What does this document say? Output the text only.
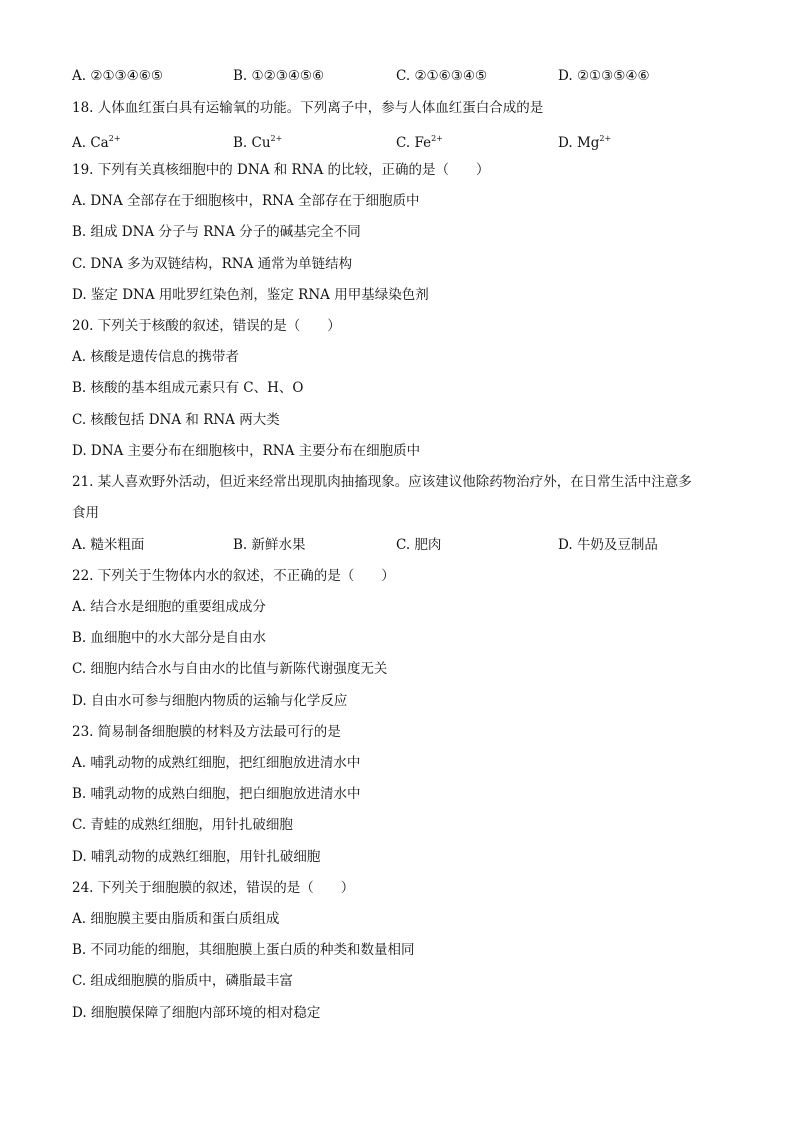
A. ②①③④⑥⑤	B. ①②③④⑤⑥	C. ②①⑥③④⑤	D. ②①③⑤④⑥
18. 人体血红蛋白具有运输氧的功能。下列离子中，参与人体血红蛋白合成的是
A. $Ca^{2+}$	B. $Cu^{2+}$	C. $Fe^{2+}$	D. $Mg^{2+}$
19. 下列有关真核细胞中的 DNA 和 RNA 的比较，正确的是（　　）
A. DNA 全部存在于细胞核中，RNA 全部存在于细胞质中
B. 组成 DNA 分子与 RNA 分子的碱基完全不同
C. DNA 多为双链结构，RNA 通常为单链结构
D. 鉴定 DNA 用吡罗红染色剂，鉴定 RNA 用甲基绿染色剂
20. 下列关于核酸的叙述，错误的是（　　）
A. 核酸是遗传信息的携带者
B. 核酸的基本组成元素只有 C、H、O
C. 核酸包括 DNA 和 RNA 两大类
D. DNA 主要分布在细胞核中，RNA 主要分布在细胞质中
21. 某人喜欢野外活动，但近来经常出现肌肉抽搐现象。应该建议他除药物治疗外，在日常生活中注意多
食用
A. 糙米粗面	B. 新鲜水果	C. 肥肉	D. 牛奶及豆制品
22. 下列关于生物体内水的叙述，不正确的是（　　）
A. 结合水是细胞的重要组成成分
B. 血细胞中的水大部分是自由水
C. 细胞内结合水与自由水的比值与新陈代谢强度无关
D. 自由水可参与细胞内物质的运输与化学反应
23. 简易制备细胞膜的材料及方法最可行的是
A. 哺乳动物的成熟红细胞，把红细胞放进清水中
B. 哺乳动物的成熟白细胞，把白细胞放进清水中
C. 青蛙的成熟红细胞，用针扎破细胞
D. 哺乳动物的成熟红细胞，用针扎破细胞
24. 下列关于细胞膜的叙述，错误的是（　　）
A. 细胞膜主要由脂质和蛋白质组成
B. 不同功能的细胞，其细胞膜上蛋白质的种类和数量相同
C. 组成细胞膜的脂质中，磷脂最丰富
D. 细胞膜保障了细胞内部环境的相对稳定
